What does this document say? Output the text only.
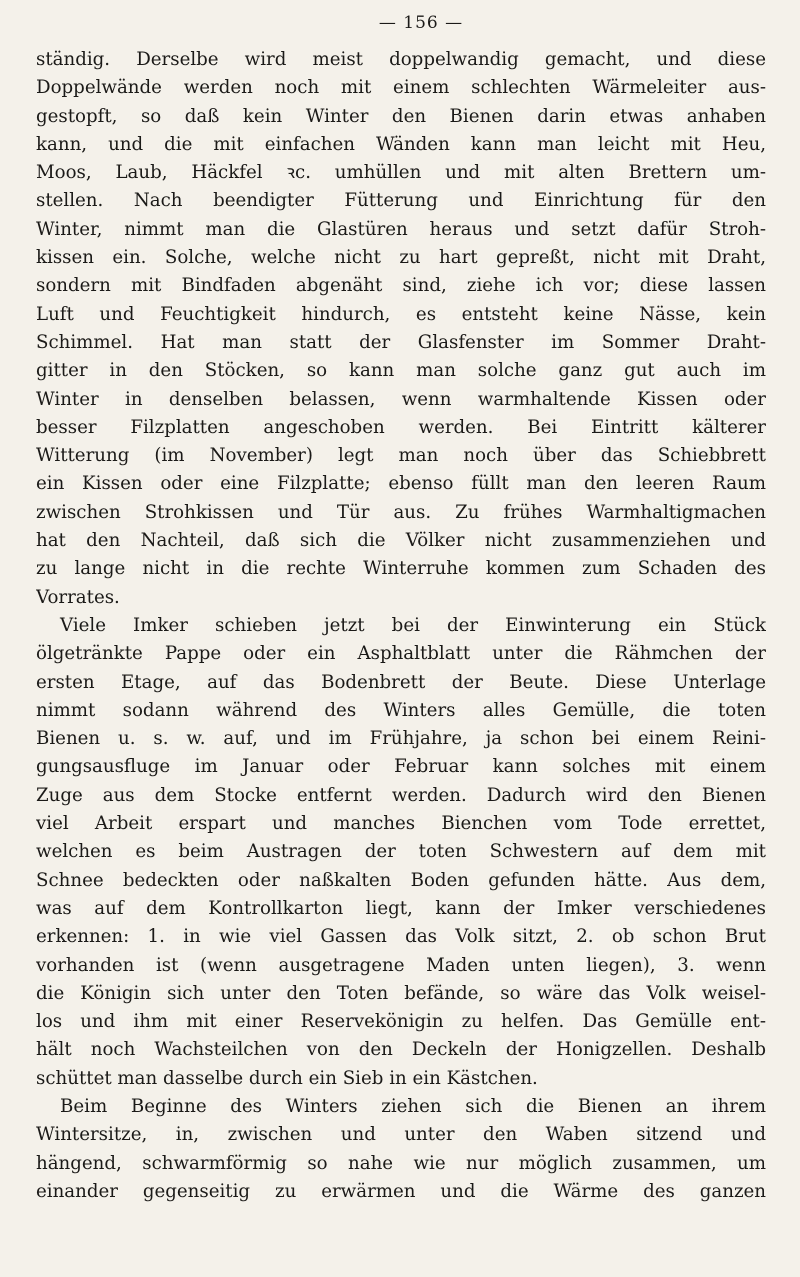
— 156 —
ständig. Derselbe wird meist doppelwandig gemacht, und diese
Doppelwände werden noch mit einem schlechten Wärmeleiter aus-
gestopft, so daß kein Winter den Bienen darin etwas anhaben
kann, und die mit einfachen Wänden kann man leicht mit Heu,
Moos, Laub, Häckfel ꝛc. umhüllen und mit alten Brettern um-
stellen. Nach beendigter Fütterung und Einrichtung für den
Winter, nimmt man die Glastüren heraus und setzt dafür Stroh-
kissen ein. Solche, welche nicht zu hart gepreßt, nicht mit Draht,
sondern mit Bindfaden abgenäht sind, ziehe ich vor; diese lassen
Luft und Feuchtigkeit hindurch, es entsteht keine Nässe, kein
Schimmel. Hat man statt der Glasfenster im Sommer Draht-
gitter in den Stöcken, so kann man solche ganz gut auch im
Winter in denselben belassen, wenn warmhaltende Kissen oder
besser Filzplatten angeschoben werden. Bei Eintritt kälterer
Witterung (im November) legt man noch über das Schiebbrett
ein Kissen oder eine Filzplatte; ebenso füllt man den leeren Raum
zwischen Strohkissen und Tür aus. Zu frühes Warmhaltigmachen
hat den Nachteil, daß sich die Völker nicht zusammenziehen und
zu lange nicht in die rechte Winterruhe kommen zum Schaden des
Vorrates.
Viele Imker schieben jetzt bei der Einwinterung ein Stück
ölgetränkte Pappe oder ein Asphaltblatt unter die Rähmchen der
ersten Etage, auf das Bodenbrett der Beute. Diese Unterlage
nimmt sodann während des Winters alles Gemülle, die toten
Bienen u. s. w. auf, und im Frühjahre, ja schon bei einem Reini-
gungsausfluge im Januar oder Februar kann solches mit einem
Zuge aus dem Stocke entfernt werden. Dadurch wird den Bienen
viel Arbeit erspart und manches Bienchen vom Tode errettet,
welchen es beim Austragen der toten Schwestern auf dem mit
Schnee bedeckten oder naßkalten Boden gefunden hätte. Aus dem,
was auf dem Kontrollkarton liegt, kann der Imker verschiedenes
erkennen: 1. in wie viel Gassen das Volk sitzt, 2. ob schon Brut
vorhanden ist (wenn ausgetragene Maden unten liegen), 3. wenn
die Königin sich unter den Toten befände, so wäre das Volk weisel-
los und ihm mit einer Reservekönigin zu helfen. Das Gemülle ent-
hält noch Wachsteilchen von den Deckeln der Honigzellen. Deshalb
schüttet man dasselbe durch ein Sieb in ein Kästchen.
Beim Beginne des Winters ziehen sich die Bienen an ihrem
Wintersitze, in, zwischen und unter den Waben sitzend und
hängend, schwarmförmig so nahe wie nur möglich zusammen, um
einander gegenseitig zu erwärmen und die Wärme des ganzen
